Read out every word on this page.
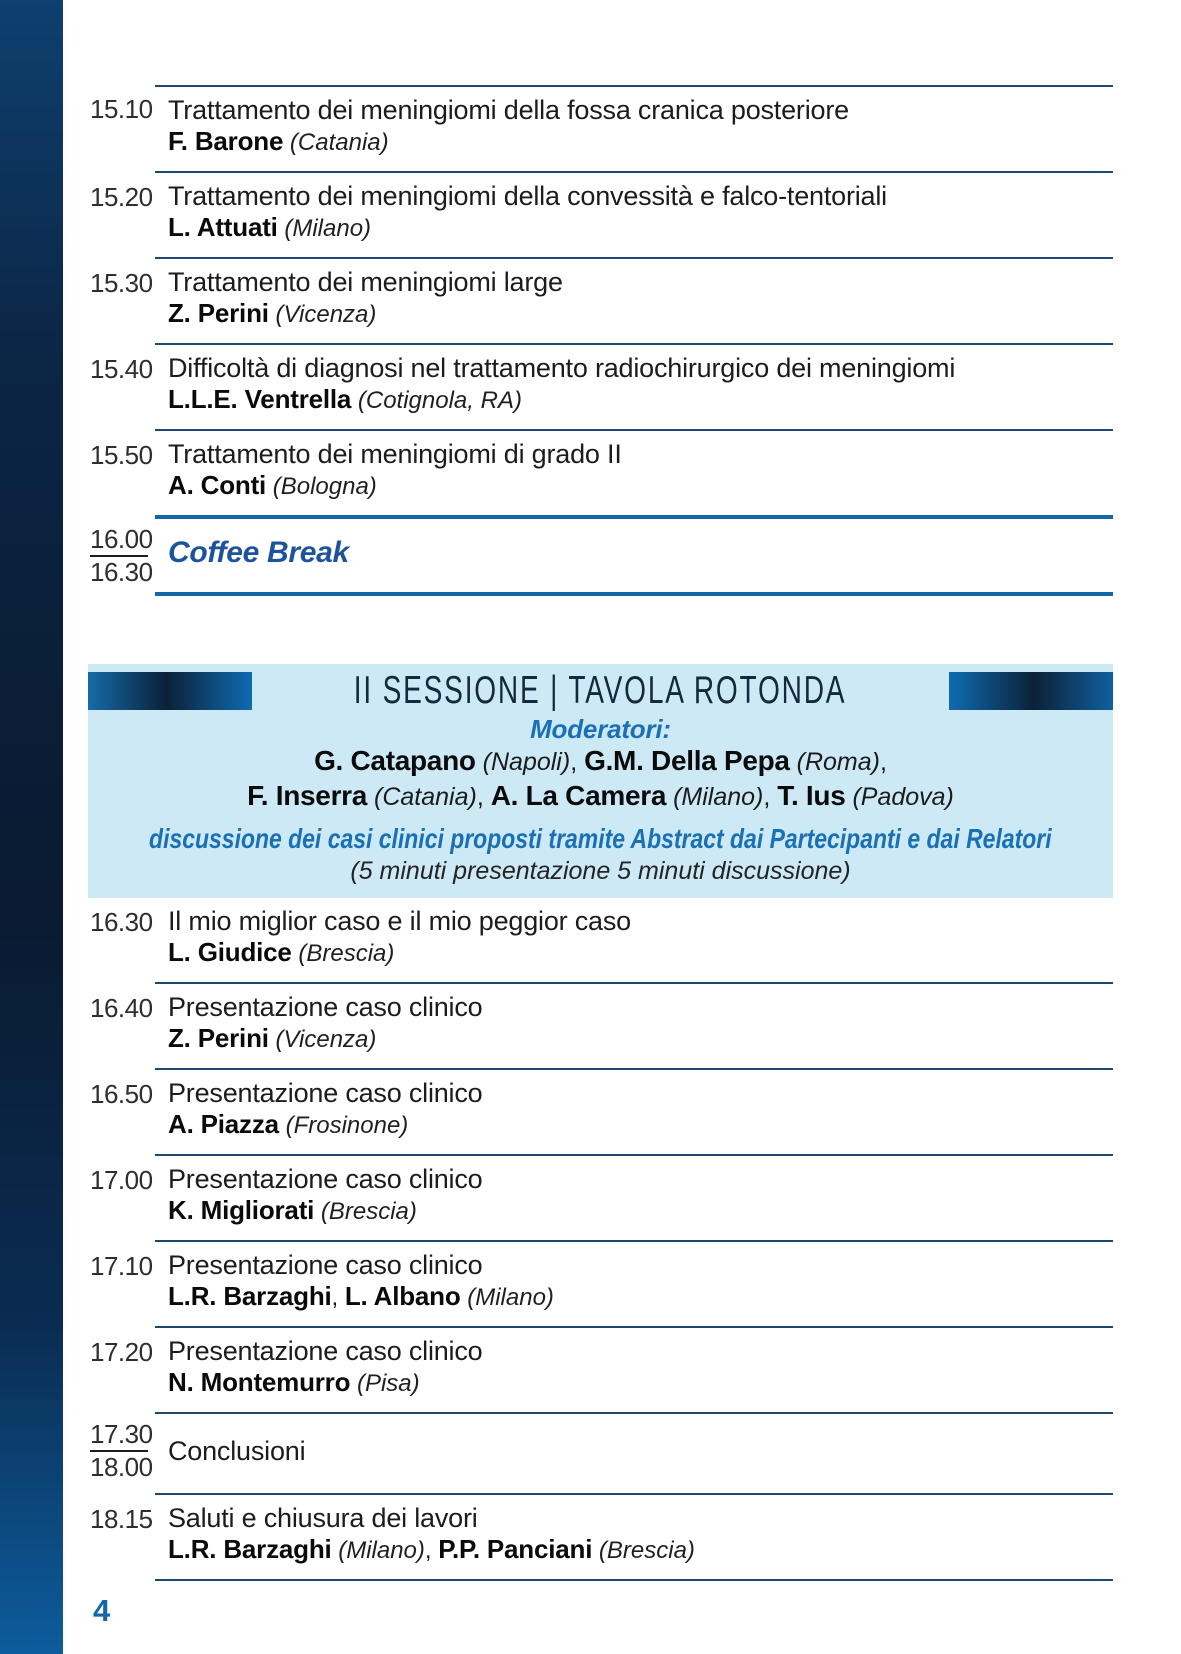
15.10 Trattamento dei meningiomi della fossa cranica posteriore
F. Barone (Catania)
15.20 Trattamento dei meningiomi della convessità e falco-tentoriali
L. Attuati (Milano)
15.30 Trattamento dei meningiomi large
Z. Perini (Vicenza)
15.40 Difficoltà di diagnosi nel trattamento radiochirurgico dei meningiomi
L.L.E. Ventrella (Cotignola, RA)
15.50 Trattamento dei meningiomi di grado II
A. Conti (Bologna)
16.00
16.30
Coffee Break
II SESSIONE | TAVOLA ROTONDA
Moderatori:
G. Catapano (Napoli), G.M. Della Pepa (Roma),
F. Inserra (Catania), A. La Camera (Milano), T. Ius (Padova)
discussione dei casi clinici proposti tramite Abstract dai Partecipanti e dai Relatori
(5 minuti presentazione 5 minuti discussione)
16.30 Il mio miglior caso e il mio peggior caso
L. Giudice (Brescia)
16.40 Presentazione caso clinico
Z. Perini (Vicenza)
16.50 Presentazione caso clinico
A. Piazza (Frosinone)
17.00 Presentazione caso clinico
K. Migliorati (Brescia)
17.10 Presentazione caso clinico
L.R. Barzaghi, L. Albano (Milano)
17.20 Presentazione caso clinico
N. Montemurro (Pisa)
17.30
18.00
Conclusioni
18.15 Saluti e chiusura dei lavori
L.R. Barzaghi (Milano), P.P. Panciani (Brescia)
4
